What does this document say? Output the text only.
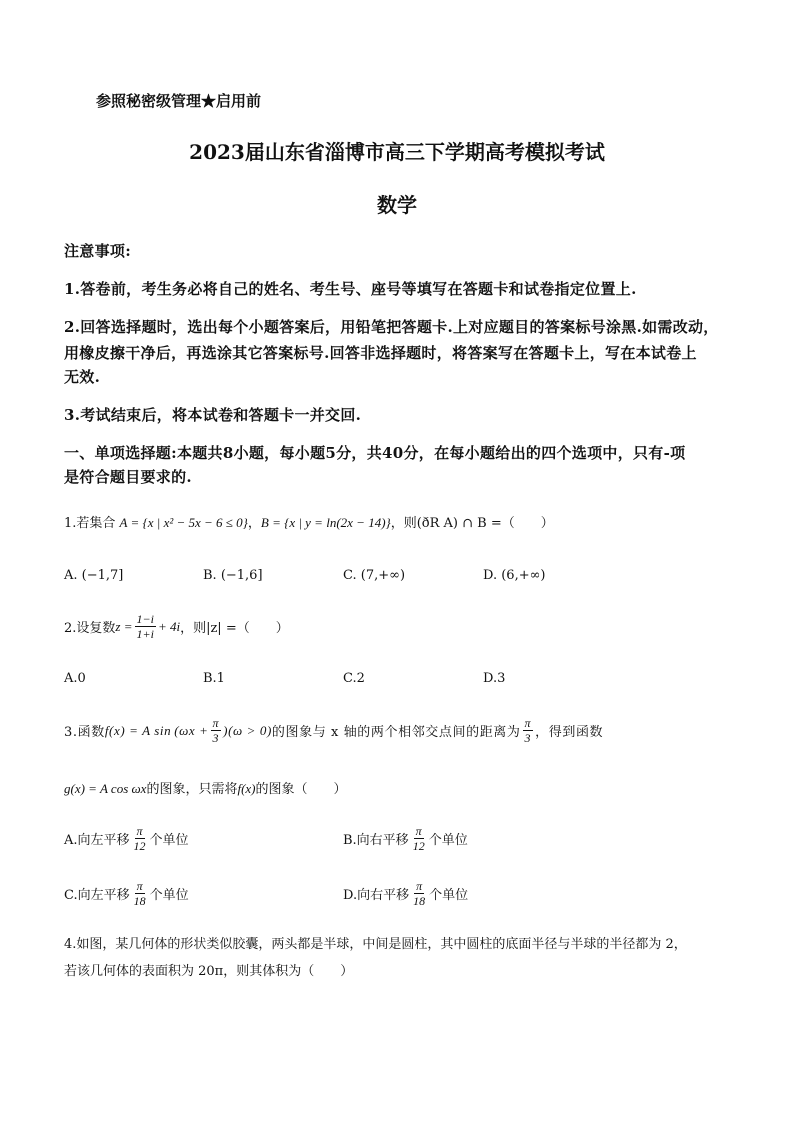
参照秘密级管理★启用前
2023届山东省淄博市高三下学期高考模拟考试
数学
注意事项:
1.答卷前，考生务必将自己的姓名、考生号、座号等填写在答题卡和试卷指定位置上.
2.回答选择题时，选出每个小题答案后，用铅笔把答题卡.上对应题目的答案标号涂黑.如需改动，
用橡皮擦干净后，再选涂其它答案标号.回答非选择题时，将答案写在答题卡上，写在本试卷上
无效.
3.考试结束后，将本试卷和答题卡一并交回.
一、单项选择题:本题共8小题，每小题5分，共40分，在每小题给出的四个选项中，只有-项
是符合题目要求的.
1.若集合 A = {x | x² − 5x − 6 ≤ 0}，B = {x | y = ln(2x − 14)}，则(ðR A) ∩ B =（　　）
A. (−1,7]	B. (−1,6]	C. (7,+∞)	D. (6,+∞)
2.设复数 $z = \frac{1-i}{1+i} + 4i$ ，则|z| =（　　）
A.0	B.1	C.2	D.3
3.函数 f(x) = A $\sin (\omega x + \frac{\pi}{3} )(\omega > 0)$ 的图象与 x 轴的两个相邻交点间的距离为 $\frac{\pi}{3}$ ，得到函数
g(x) = A cos ωx的图象，只需将f(x)的图象（　　）
A.向左平移 $\frac{\pi}{12}$ 个单位	B.向右平移 $\frac{\pi}{12}$ 个单位
C.向左平移 $\frac{\pi}{18}$ 个单位	D.向右平移 $\frac{\pi}{18}$ 个单位
4.如图，某几何体的形状类似胶囊，两头都是半球，中间是圆柱，其中圆柱的底面半径与半球的半径都为 2，
若该几何体的表面积为 20π，则其体积为（　　）
